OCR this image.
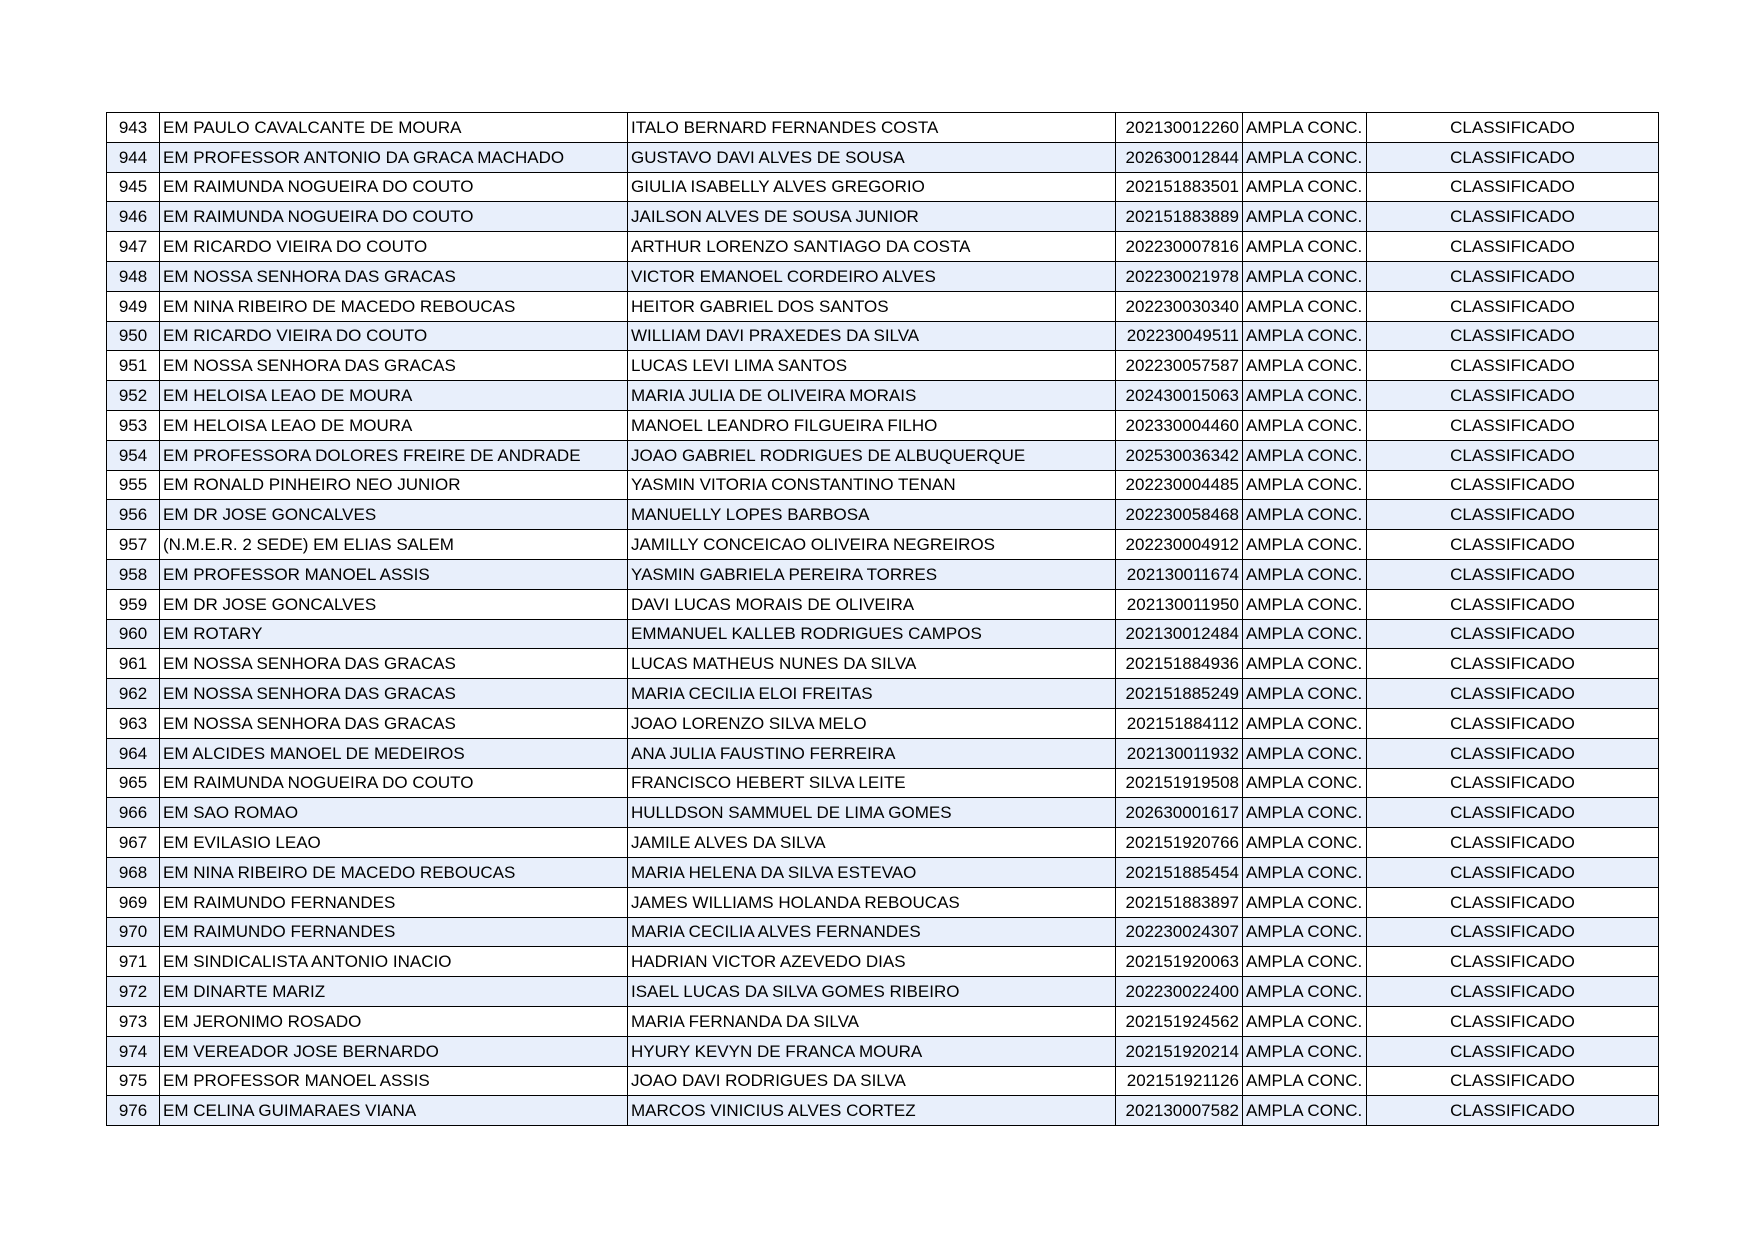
943	EM PAULO CAVALCANTE DE MOURA	ITALO BERNARD FERNANDES COSTA	202130012260	AMPLA CONC.	CLASSIFICADO
944	EM PROFESSOR ANTONIO DA GRACA MACHADO	GUSTAVO DAVI ALVES DE SOUSA	202630012844	AMPLA CONC.	CLASSIFICADO
945	EM RAIMUNDA NOGUEIRA DO COUTO	GIULIA ISABELLY ALVES GREGORIO	202151883501	AMPLA CONC.	CLASSIFICADO
946	EM RAIMUNDA NOGUEIRA DO COUTO	JAILSON ALVES DE SOUSA JUNIOR	202151883889	AMPLA CONC.	CLASSIFICADO
947	EM RICARDO VIEIRA DO COUTO	ARTHUR LORENZO SANTIAGO DA COSTA	202230007816	AMPLA CONC.	CLASSIFICADO
948	EM NOSSA SENHORA DAS GRACAS	VICTOR EMANOEL CORDEIRO ALVES	202230021978	AMPLA CONC.	CLASSIFICADO
949	EM NINA RIBEIRO DE MACEDO REBOUCAS	HEITOR GABRIEL DOS SANTOS	202230030340	AMPLA CONC.	CLASSIFICADO
950	EM RICARDO VIEIRA DO COUTO	WILLIAM DAVI PRAXEDES DA SILVA	202230049511	AMPLA CONC.	CLASSIFICADO
951	EM NOSSA SENHORA DAS GRACAS	LUCAS LEVI LIMA SANTOS	202230057587	AMPLA CONC.	CLASSIFICADO
952	EM HELOISA LEAO DE MOURA	MARIA JULIA DE OLIVEIRA MORAIS	202430015063	AMPLA CONC.	CLASSIFICADO
953	EM HELOISA LEAO DE MOURA	MANOEL LEANDRO FILGUEIRA FILHO	202330004460	AMPLA CONC.	CLASSIFICADO
954	EM PROFESSORA DOLORES FREIRE DE ANDRADE	JOAO GABRIEL RODRIGUES DE ALBUQUERQUE	202530036342	AMPLA CONC.	CLASSIFICADO
955	EM RONALD PINHEIRO NEO JUNIOR	YASMIN VITORIA CONSTANTINO TENAN	202230004485	AMPLA CONC.	CLASSIFICADO
956	EM DR JOSE GONCALVES	MANUELLY LOPES BARBOSA	202230058468	AMPLA CONC.	CLASSIFICADO
957	(N.M.E.R. 2 SEDE) EM ELIAS SALEM	JAMILLY CONCEICAO OLIVEIRA NEGREIROS	202230004912	AMPLA CONC.	CLASSIFICADO
958	EM PROFESSOR MANOEL ASSIS	YASMIN GABRIELA PEREIRA TORRES	202130011674	AMPLA CONC.	CLASSIFICADO
959	EM DR JOSE GONCALVES	DAVI LUCAS MORAIS DE OLIVEIRA	202130011950	AMPLA CONC.	CLASSIFICADO
960	EM ROTARY	EMMANUEL KALLEB RODRIGUES CAMPOS	202130012484	AMPLA CONC.	CLASSIFICADO
961	EM NOSSA SENHORA DAS GRACAS	LUCAS MATHEUS NUNES DA SILVA	202151884936	AMPLA CONC.	CLASSIFICADO
962	EM NOSSA SENHORA DAS GRACAS	MARIA CECILIA ELOI FREITAS	202151885249	AMPLA CONC.	CLASSIFICADO
963	EM NOSSA SENHORA DAS GRACAS	JOAO LORENZO SILVA MELO	202151884112	AMPLA CONC.	CLASSIFICADO
964	EM ALCIDES MANOEL DE MEDEIROS	ANA JULIA FAUSTINO FERREIRA	202130011932	AMPLA CONC.	CLASSIFICADO
965	EM RAIMUNDA NOGUEIRA DO COUTO	FRANCISCO HEBERT SILVA LEITE	202151919508	AMPLA CONC.	CLASSIFICADO
966	EM SAO ROMAO	HULLDSON SAMMUEL DE LIMA GOMES	202630001617	AMPLA CONC.	CLASSIFICADO
967	EM EVILASIO LEAO	JAMILE ALVES DA SILVA	202151920766	AMPLA CONC.	CLASSIFICADO
968	EM NINA RIBEIRO DE MACEDO REBOUCAS	MARIA HELENA DA SILVA ESTEVAO	202151885454	AMPLA CONC.	CLASSIFICADO
969	EM RAIMUNDO FERNANDES	JAMES WILLIAMS HOLANDA REBOUCAS	202151883897	AMPLA CONC.	CLASSIFICADO
970	EM RAIMUNDO FERNANDES	MARIA CECILIA ALVES FERNANDES	202230024307	AMPLA CONC.	CLASSIFICADO
971	EM SINDICALISTA ANTONIO INACIO	HADRIAN VICTOR AZEVEDO DIAS	202151920063	AMPLA CONC.	CLASSIFICADO
972	EM DINARTE MARIZ	ISAEL LUCAS DA SILVA GOMES RIBEIRO	202230022400	AMPLA CONC.	CLASSIFICADO
973	EM JERONIMO ROSADO	MARIA FERNANDA DA SILVA	202151924562	AMPLA CONC.	CLASSIFICADO
974	EM VEREADOR JOSE BERNARDO	HYURY KEVYN DE FRANCA MOURA	202151920214	AMPLA CONC.	CLASSIFICADO
975	EM PROFESSOR MANOEL ASSIS	JOAO DAVI RODRIGUES DA SILVA	202151921126	AMPLA CONC.	CLASSIFICADO
976	EM CELINA GUIMARAES VIANA	MARCOS VINICIUS ALVES CORTEZ	202130007582	AMPLA CONC.	CLASSIFICADO
